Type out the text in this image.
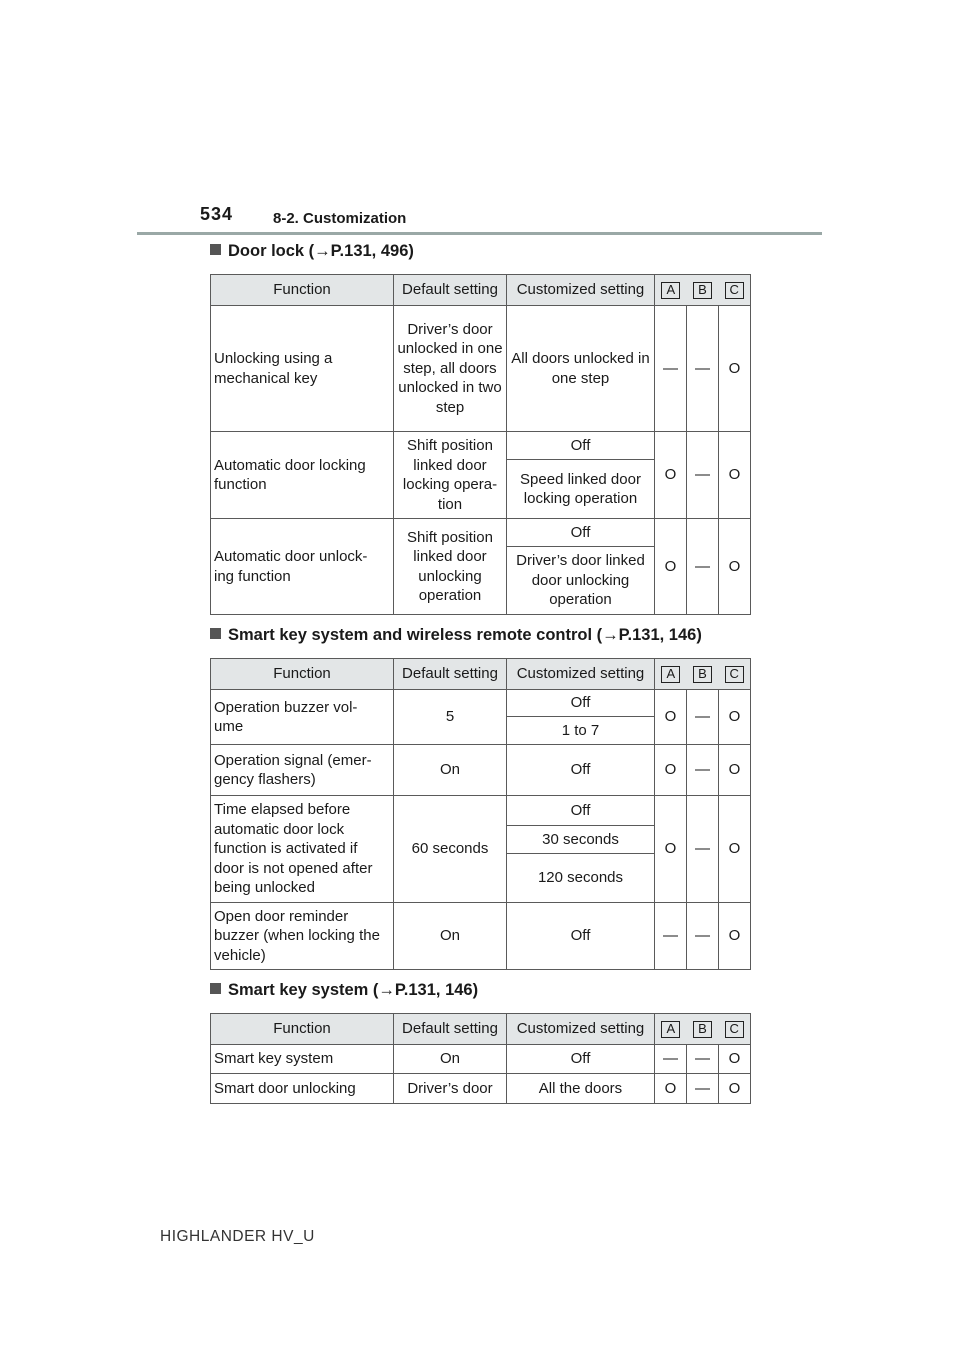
534	8-2. Customization
Door lock (→P.131, 496)
Function	Default setting	Customized setting	A B C		

Unlocking using a mechanical key	Driver’s door unlocked in one step, all doors unlocked in two step	All doors unlocked in one step	—	—	O
Automatic door locking function	Shift position linked door locking opera- tion	Off	O	—	O
		Speed linked door locking operation			
Automatic door unlock- ing function	Shift position linked door unlocking operation	Off	O	—	O
		Driver’s door linked door unlocking operation			
Smart key system and wireless remote control (→P.131, 146)
Function	Default setting	Customized setting	A B C		

Operation buzzer vol- ume	5	Off	O	—	O
		1 to 7			
Operation signal (emer- gency flashers)	On	Off	O	—	O
Time elapsed before automatic door lock function is activated if door is not opened after being unlocked	60 seconds	Off	O	—	O
		30 seconds			
		120 seconds			
Open door reminder buzzer (when locking the vehicle)	On	Off	—	—	O
Smart key system (→P.131, 146)
Function	Default setting	Customized setting	A B C		

Smart key system	On	Off	—	—	O
Smart door unlocking	Driver’s door	All the doors	O	—	O
HIGHLANDER HV_U
